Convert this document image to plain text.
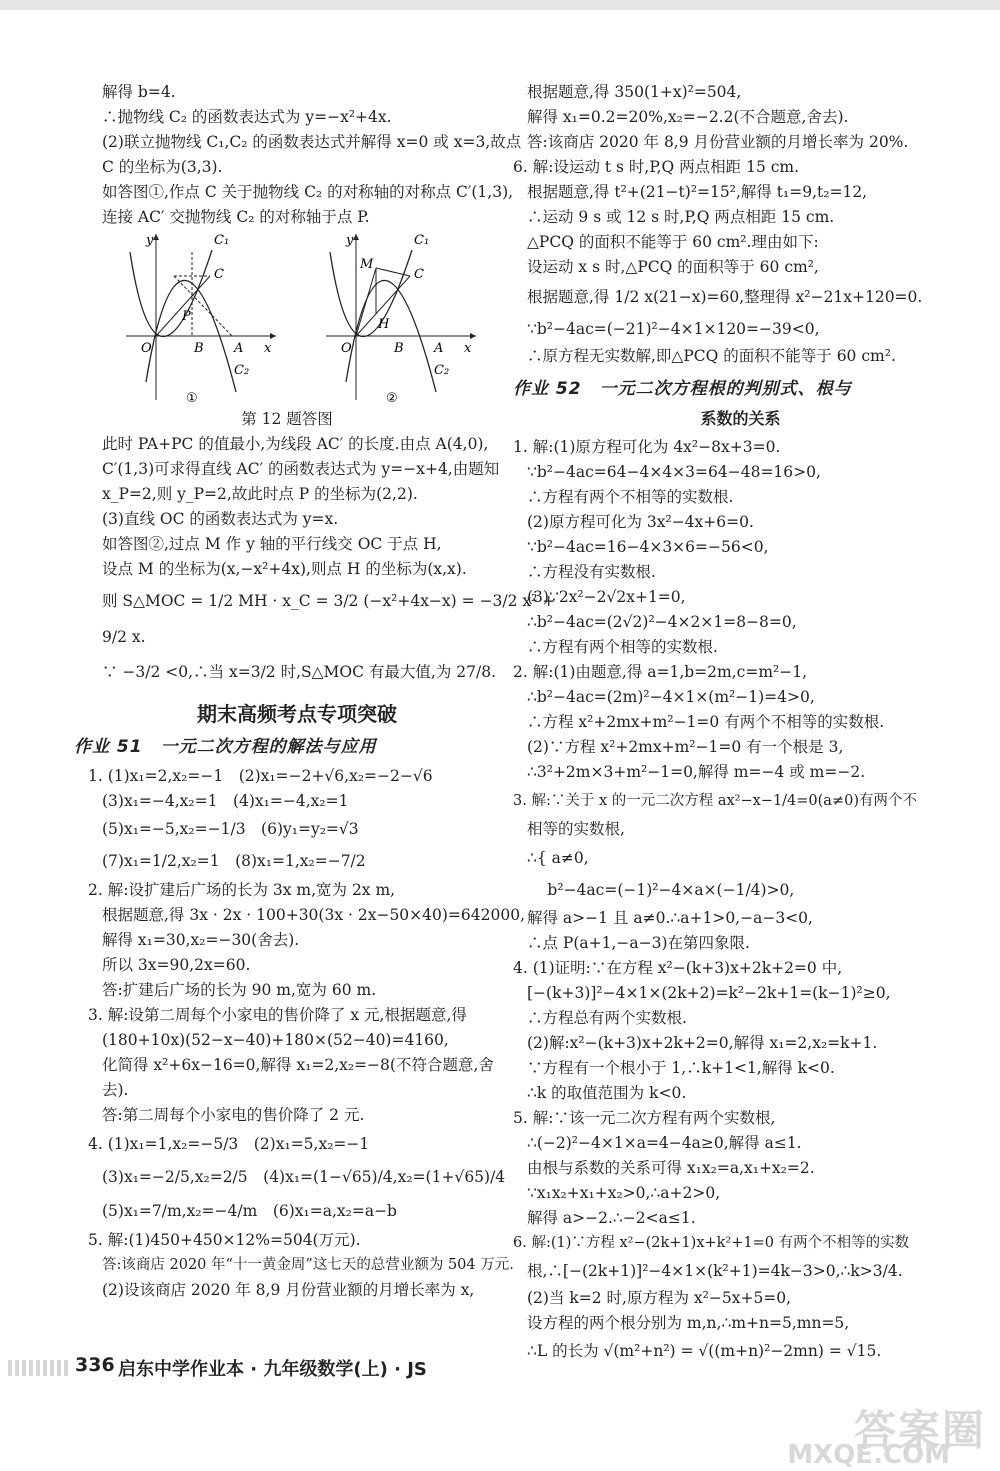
解得 b=4.
∴抛物线 C₂ 的函数表达式为 y=−x²+4x.
(2)联立抛物线 C₁,C₂ 的函数表达式并解得 x=0 或 x=3,故点
C 的坐标为(3,3).
如答图①,作点 C 关于抛物线 C₂ 的对称轴的对称点 C′(1,3),
连接 AC′ 交抛物线 C₂ 的对称轴于点 P.
y
x
O
C₁
C
P
B A
C₂
①
y
x
O
C₁
C
M
H
B A
C₂
②
第 12 题答图
此时 PA+PC 的值最小,为线段 AC′ 的长度.由点 A(4,0),
C′(1,3)可求得直线 AC′ 的函数表达式为 y=−x+4,由题知
x_P=2,则 y_P=2,故此时点 P 的坐标为(2,2).
(3)直线 OC 的函数表达式为 y=x.
如答图②,过点 M 作 y 轴的平行线交 OC 于点 H,
设点 M 的坐标为(x,−x²+4x),则点 H 的坐标为(x,x).
则 S△MOC = 1/2 MH · x_C = 3/2 (−x²+4x−x) = −3/2 x² +
9/2 x.
∵ −3/2 <0,∴当 x=3/2 时,S△MOC 有最大值,为 27/8.
期末高频考点专项突破
作业 51　一元二次方程的解法与应用
1. (1)x₁=2,x₂=−1　(2)x₁=−2+√6,x₂=−2−√6
(3)x₁=−4,x₂=1　(4)x₁=−4,x₂=1
(5)x₁=−5,x₂=−1/3　(6)y₁=y₂=√3
(7)x₁=1/2,x₂=1　(8)x₁=1,x₂=−7/2
2. 解:设扩建后广场的长为 3x m,宽为 2x m,
根据题意,得 3x · 2x · 100+30(3x · 2x−50×40)=642000,
解得 x₁=30,x₂=−30(舍去).
所以 3x=90,2x=60.
答:扩建后广场的长为 90 m,宽为 60 m.
3. 解:设第二周每个小家电的售价降了 x 元,根据题意,得
(180+10x)(52−x−40)+180×(52−40)=4160,
化简得 x²+6x−16=0,解得 x₁=2,x₂=−8(不符合题意,舍
去).
答:第二周每个小家电的售价降了 2 元.
4. (1)x₁=1,x₂=−5/3　(2)x₁=5,x₂=−1
(3)x₁=−2/5,x₂=2/5　(4)x₁=(1−√65)/4,x₂=(1+√65)/4
(5)x₁=7/m,x₂=−4/m　(6)x₁=a,x₂=a−b
5. 解:(1)450+450×12%=504(万元).
答:该商店 2020 年“十一黄金周”这七天的总营业额为 504 万元.
(2)设该商店 2020 年 8,9 月份营业额的月增长率为 x,
根据题意,得 350(1+x)²=504,
解得 x₁=0.2=20%,x₂=−2.2(不合题意,舍去).
答:该商店 2020 年 8,9 月份营业额的月增长率为 20%.
6. 解:设运动 t s 时,P,Q 两点相距 15 cm.
根据题意,得 t²+(21−t)²=15²,解得 t₁=9,t₂=12,
∴运动 9 s 或 12 s 时,P,Q 两点相距 15 cm.
△PCQ 的面积不能等于 60 cm².理由如下:
设运动 x s 时,△PCQ 的面积等于 60 cm²,
根据题意,得 1/2 x(21−x)=60,整理得 x²−21x+120=0.
∵b²−4ac=(−21)²−4×1×120=−39<0,
∴原方程无实数解,即△PCQ 的面积不能等于 60 cm².
作业 52　一元二次方程根的判别式、根与
系数的关系
1. 解:(1)原方程可化为 4x²−8x+3=0.
∵b²−4ac=64−4×4×3=64−48=16>0,
∴方程有两个不相等的实数根.
(2)原方程可化为 3x²−4x+6=0.
∵b²−4ac=16−4×3×6=−56<0,
∴方程没有实数根.
(3)∵2x²−2√2x+1=0,
∴b²−4ac=(2√2)²−4×2×1=8−8=0,
∴方程有两个相等的实数根.
2. 解:(1)由题意,得 a=1,b=2m,c=m²−1,
∴b²−4ac=(2m)²−4×1×(m²−1)=4>0,
∴方程 x²+2mx+m²−1=0 有两个不相等的实数根.
(2)∵方程 x²+2mx+m²−1=0 有一个根是 3,
∴3²+2m×3+m²−1=0,解得 m=−4 或 m=−2.
3. 解:∵关于 x 的一元二次方程 ax²−x−1/4=0(a≠0)有两个不
相等的实数根,
∴{ a≠0,
　 b²−4ac=(−1)²−4×a×(−1/4)>0,
解得 a>−1 且 a≠0.∴a+1>0,−a−3<0,
∴点 P(a+1,−a−3)在第四象限.
4. (1)证明:∵在方程 x²−(k+3)x+2k+2=0 中,
[−(k+3)]²−4×1×(2k+2)=k²−2k+1=(k−1)²≥0,
∴方程总有两个实数根.
(2)解:x²−(k+3)x+2k+2=0,解得 x₁=2,x₂=k+1.
∵方程有一个根小于 1,∴k+1<1,解得 k<0.
∴k 的取值范围为 k<0.
5. 解:∵该一元二次方程有两个实数根,
∴(−2)²−4×1×a=4−4a≥0,解得 a≤1.
由根与系数的关系可得 x₁x₂=a,x₁+x₂=2.
∵x₁x₂+x₁+x₂>0,∴a+2>0,
解得 a>−2.∴−2<a≤1.
6. 解:(1)∵方程 x²−(2k+1)x+k²+1=0 有两个不相等的实数
根,∴[−(2k+1)]²−4×1×(k²+1)=4k−3>0,∴k>3/4.
(2)当 k=2 时,原方程为 x²−5x+5=0,
设方程的两个根分别为 m,n,∴m+n=5,mn=5,
∴L 的长为 √(m²+n²) = √((m+n)²−2mn) = √15.
336 启东中学作业本 · 九年级数学(上) · JS
答案圈
MXQE.COM
